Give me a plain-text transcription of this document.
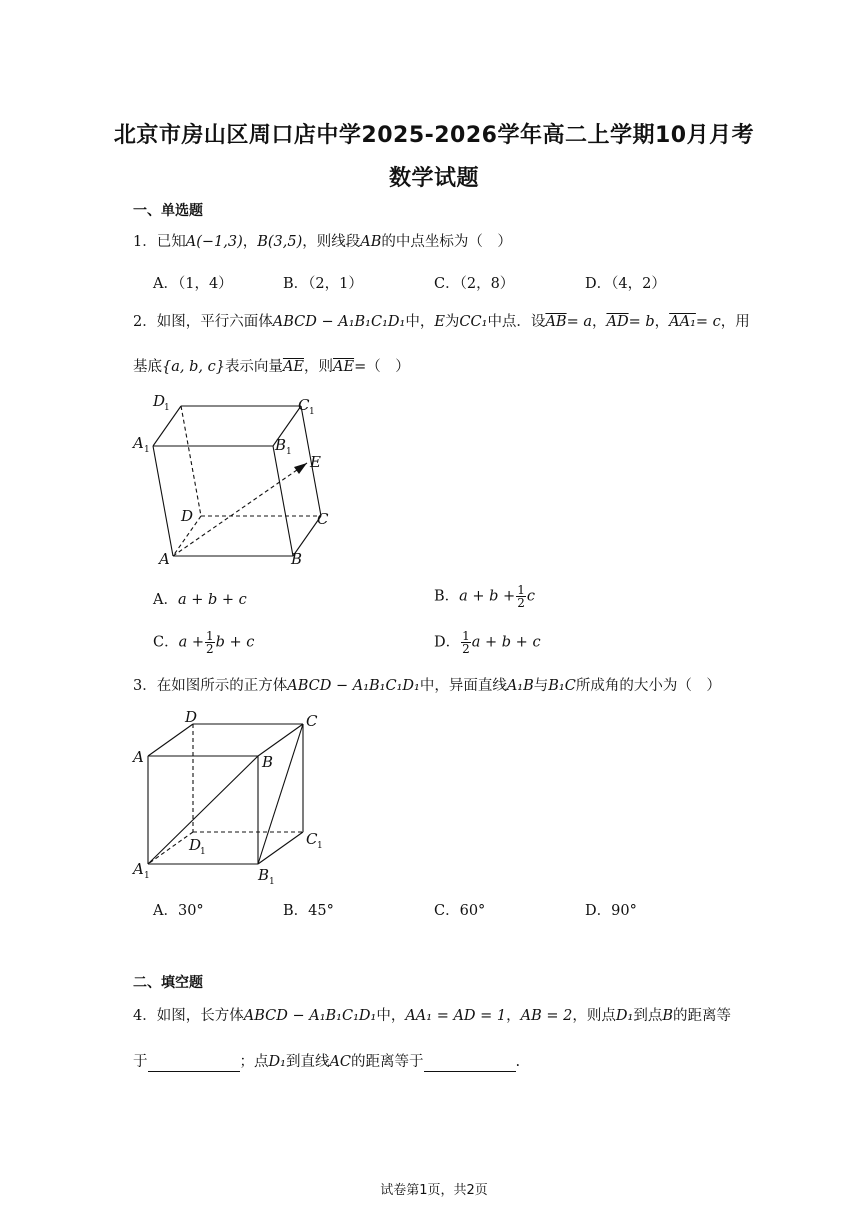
北京市房山区周口店中学2025-2026学年高二上学期10月月考
数学试题
一、单选题
1．已知A(−1,3)，B(3,5)，则线段AB的中点坐标为（　）
A．（1，4）	B．（2，1）	C．（2，8）	D．（4，2）
2．如图，平行六面体ABCD − A₁B₁C₁D₁中，E为CC₁中点．设$\overline{AB}= a$，$\overline{AD}= b$，AA₁= c，用
基底{a, b, c}表示向量$\overline{AE}$，则$\overline{AE}=$（　）
D
1	C 1
A 1	B 1
E
D	C
A	B
A．a + b + c	B．$a + b + \frac{1}{2}$ c
C．$a + \frac{1}{2}$ b + c	D． $\frac{1}{2}$ a + b + c
3．在如图所示的正方体ABCD − A₁B₁C₁D₁中，异面直线A₁B与B₁C所成角的大小为（　）
D	C
A	B
D
1
C 1
A 1	B 1
A．30°	B．45°	C．60°	D．90°
二、填空题
4．如图，长方体ABCD − A₁B₁C₁D₁中，AA₁ = AD = 1，AB = 2，则点D₁到点B的距离等
于	；点D₁到直线AC的距离等于	.
试卷第1页，共2页
